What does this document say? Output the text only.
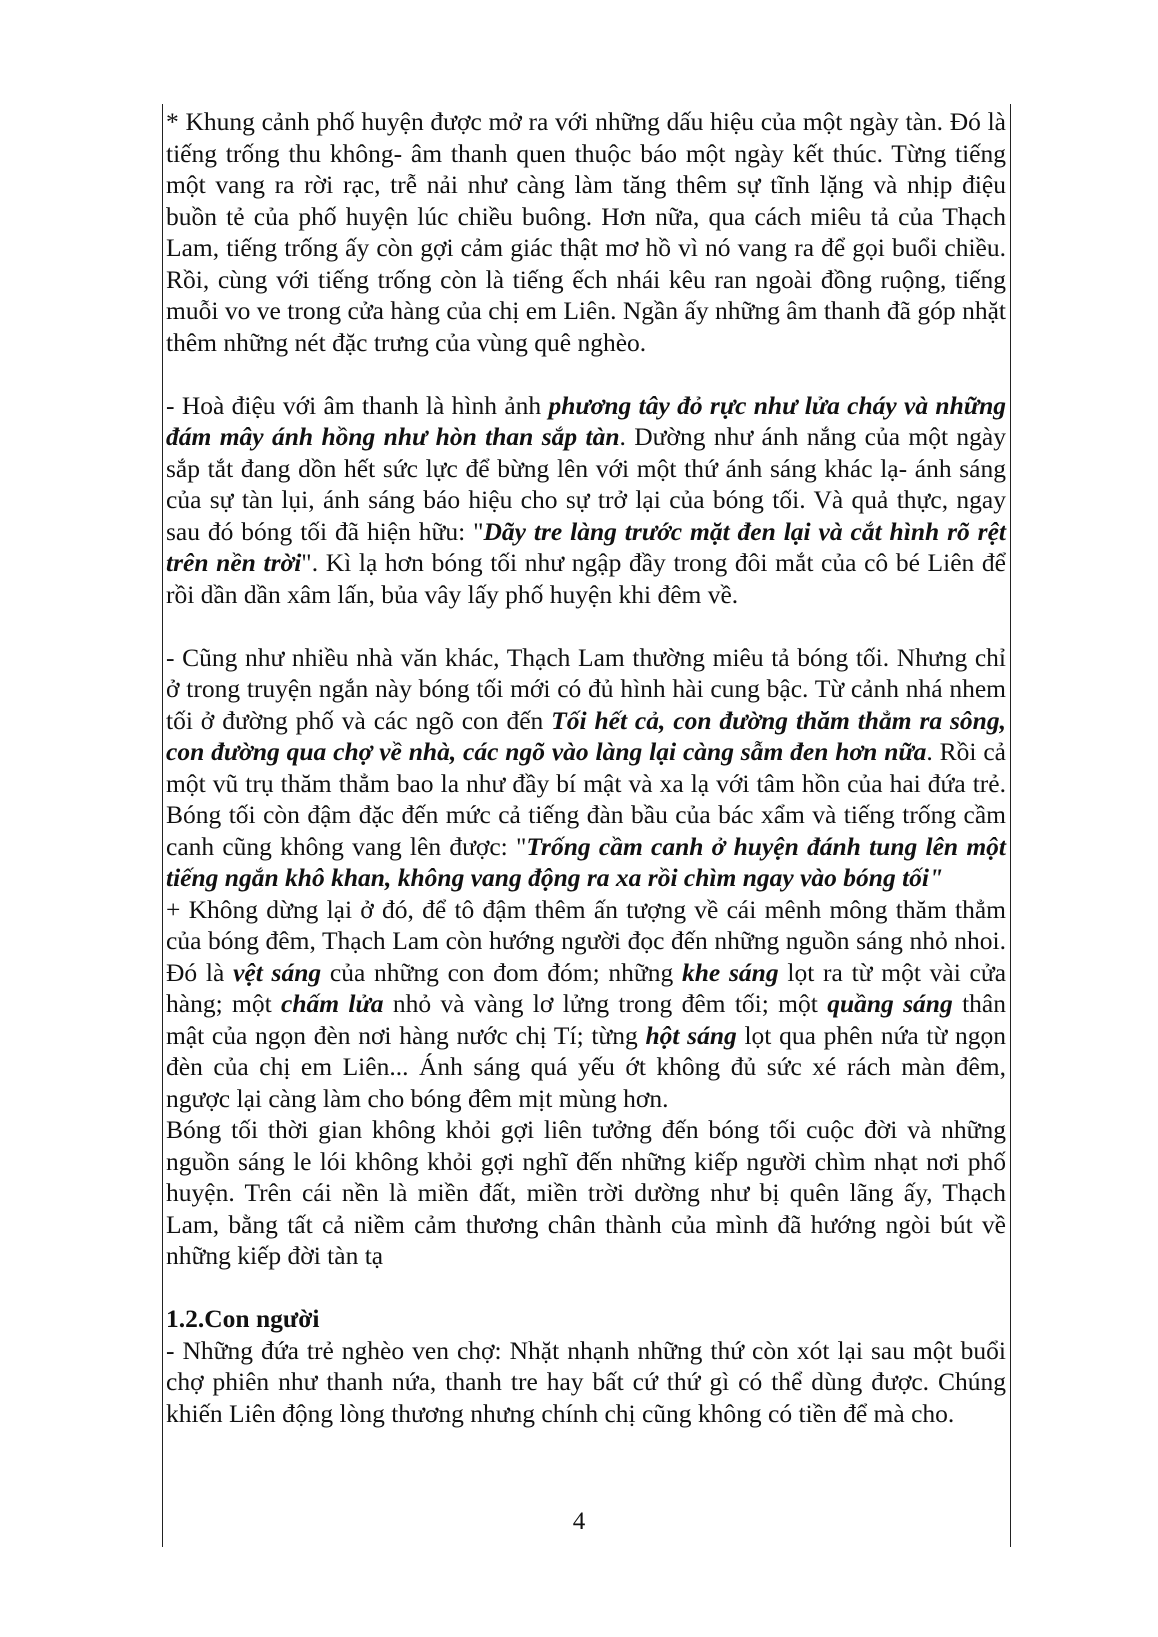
* Khung cảnh phố huyện được mở ra với những dấu hiệu của một ngày tàn. Đó là tiếng trống thu không- âm thanh quen thuộc báo một ngày kết thúc. Từng tiếng một vang ra rời rạc, trễ nải như càng làm tăng thêm sự tĩnh lặng và nhịp điệu buồn tẻ của phố huyện lúc chiều buông. Hơn nữa, qua cách miêu tả của Thạch Lam, tiếng trống ấy còn gợi cảm giác thật mơ hồ vì nó vang ra để gọi buổi chiều. Rồi, cùng với tiếng trống còn là tiếng ếch nhái kêu ran ngoài đồng ruộng, tiếng muỗi vo ve trong cửa hàng của chị em Liên. Ngần ấy những âm thanh đã góp nhặt thêm những nét đặc trưng của vùng quê nghèo.

- Hoà điệu với âm thanh là hình ảnh phương tây đỏ rực như lửa cháy và những đám mây ánh hồng như hòn than sắp tàn. Dường như ánh nắng của một ngày sắp tắt đang dồn hết sức lực để bừng lên với một thứ ánh sáng khác lạ- ánh sáng của sự tàn lụi, ánh sáng báo hiệu cho sự trở lại của bóng tối. Và quả thực, ngay sau đó bóng tối đã hiện hữu: "Dãy tre làng trước mặt đen lại và cắt hình rõ rệt trên nền trời". Kì lạ hơn bóng tối như ngập đầy trong đôi mắt của cô bé Liên để rồi dần dần xâm lấn, bủa vây lấy phố huyện khi đêm về.

- Cũng như nhiều nhà văn khác, Thạch Lam thường miêu tả bóng tối. Nhưng chỉ ở trong truyện ngắn này bóng tối mới có đủ hình hài cung bậc. Từ cảnh nhá nhem tối ở đường phố và các ngõ con đến Tối hết cả, con đường thăm thẳm ra sông, con đường qua chợ về nhà, các ngõ vào làng lại càng sẫm đen hơn nữa. Rồi cả một vũ trụ thăm thẳm bao la như đầy bí mật và xa lạ với tâm hồn của hai đứa trẻ. Bóng tối còn đậm đặc đến mức cả tiếng đàn bầu của bác xẩm và tiếng trống cầm canh cũng không vang lên được: "Trống cầm canh ở huyện đánh tung lên một tiếng ngắn khô khan, không vang động ra xa rồi chìm ngay vào bóng tối"

+ Không dừng lại ở đó, để tô đậm thêm ấn tượng về cái mênh mông thăm thẳm của bóng đêm, Thạch Lam còn hướng người đọc đến những nguồn sáng nhỏ nhoi. Đó là vệt sáng của những con đom đóm; những khe sáng lọt ra từ một vài cửa hàng; một chấm lửa nhỏ và vàng lơ lửng trong đêm tối; một quầng sáng thân mật của ngọn đèn nơi hàng nước chị Tí; từng hột sáng lọt qua phên nứa từ ngọn đèn của chị em Liên... Ánh sáng quá yếu ớt không đủ sức xé rách màn đêm, ngược lại càng làm cho bóng đêm mịt mùng hơn.

Bóng tối thời gian không khỏi gợi liên tưởng đến bóng tối cuộc đời và những nguồn sáng le lói không khỏi gợi nghĩ đến những kiếp người chìm nhạt nơi phố huyện. Trên cái nền là miền đất, miền trời dường như bị quên lãng ấy, Thạch Lam, bằng tất cả niềm cảm thương chân thành của mình đã hướng ngòi bút về những kiếp đời tàn tạ

1.2.Con người

- Những đứa trẻ nghèo ven chợ: Nhặt nhạnh những thứ còn xót lại sau một buổi chợ phiên như thanh nứa, thanh tre hay bất cứ thứ gì có thể dùng được. Chúng khiến Liên động lòng thương nhưng chính chị cũng không có tiền để mà cho.

4
